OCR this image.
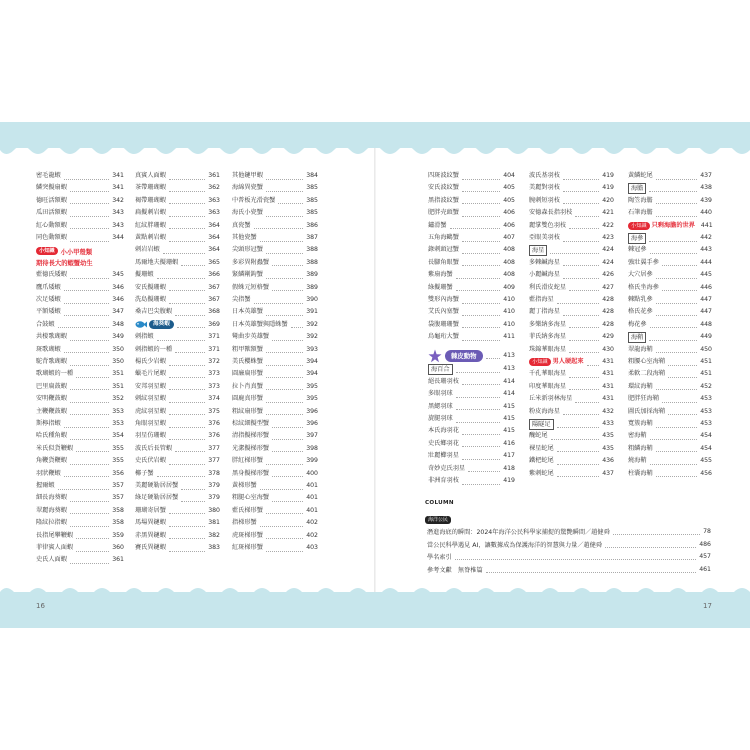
密毛龍蝦	341
鱗突擬扇蝦	341
德旺活額蝦	342
瓜田活額蝦	343
紅心動額蝦	343
同色動額蝦	344
小知識 小小甲殼類
期待長大的蝦蟹幼生
藍德氏矮蝦	345
鷹爪矮蝦	346
次足矮蝦	346
平額矮蝦	347
合鼓蝦	348
共棲歌瑚蝦	349
斑歌瑚蝦	350
駝背歌瑚蝦	350
歌瑚蝦的一種	351
巴里扁鼓蝦	351
安明鞭鼓蝦	352
主鞭鞭鼓蝦	353
斯檸指蝦	353
哈氏種角蝦	354
米氏似貨鞭蝦	355
角鞭貨鞭蝦	355
羽狀鞭蝦	356
握爾蝦	357
細長海葵蝦	357
翠麗海葵蝦	358
隆紋拉指蝦	358
長指尾攀鞭蝦	359
菲律賓人面蝦	360
史氏人面蝦	361
真賓人面蝦	361
茶帶珊瑚蝦	362
褐帶珊瑚蝦	363
扁擬刺岩蝦	363
紅紋胖珊蝦	364
黃點刺岩蝦	364
刺岩岩蝦	364
馬爾地夫擬珊蝦	365
擬珊蝦	366
安氏擬珊蝦	367
洗島擬珊蝦	367
桑吉巴尖腹蝦	368
海葵蝦	369
刺指蝦	371
刺指蝦的一種	371
楊氏少岩蝦	372
蠟毛片尾蝦	373
安邦羽星蝦	373
刺紋羽星蝦	374
虎紋羽星蝦	375
角眼羽星蝦	376
羽星仿珊蝦	376
波氏后長管蝦	377
史氏伏岩蝦	377
椰子蟹	378
美麗硬勒居居蟹	379
綠足硬勒居居蟹	379
珊瑚寄居蟹	380
馬場異鏈蝦	381
赤黑異鏈蝦	382
賽氏異鏈蝦	383
其他鏈甲蝦	384
海綿異瓷蟹	385
中普板光滑瓷蟹	385
海氏小瓷蟹	385
真瓷蟹	386
其他瓷蟹	387
尖頭形冠蟹	388
多彩異附蟲蟹	388
緊鱗剛鉤蟹	389
假蛛元短格蟹	389
尖指蟹	390
日本英雄蟹	391
日本英雄蟹與隱蛛蟹	392
彎曲步英雄蟹	392
粗甲獸額蟹	393
美氏櫻蛛蟹	394
圓廉扁形蟹	394
拉卜肖真蟹	395
圓鹿真形蟹	395
粗紋扇形蟹	396
棕紋細擬型蟹	396
清指擬梯形蟹	397
光潔擬梯形蟹	398
胖紅梯形蟹	399
黑身擬梯形蟹	400
黃梯形蟹	401
粗腿心室海蟹	401
藍氏梯形蟹	401
指梯形蟹	402
虎斑梯形蟹	402
紅斑梯形蟹	403
四斑波紋蟹	404
安氏波紋蟹	405
黑指波紋蟹	405
肥胖壳頭蟹	406
鏽滑蟹	406
五角海鷗蟹	407
錄刺頭冠蟹	408
長腳角眼蟹	408
紫扇海蟹	408
綠擬珊蟹	409
雙形內海蟹	410
艾氏內塞蟹	410
袋腹珊珊蟹	410
烏龜珩大蟹	411
棘皮動物	413
海百合	413
絕長珊羽枝	414
多眼羽球	414
黑鰓羽球	415
旋腿羽球	415
本氏海羽花	415
史氏鄉羽花	416
壯麗櫛羽星	417
奇妙克氏羽星	418
非洲育羽枝	419
波氏基羽枝	419
美麗對羽枝	419
腕刺短羽枝	420
安德森長指羽枝	421
麗掌雙色羽枝	422
亞眼美羽枝	423
海星	424
多棘鹹海星	424
小麗鹹海星	426
利氏滑皮蛇星	427
藍指海星	428
麗丁指海星	428
多樂納多海星	428
菲氏納多海星	429
珠錦華眼海星	430
小知識 男人硬起來	431
千孔華眼海星	431
印度華眼海星	431
丘米新羽林海星	431
粉皮海海星	432
陽隧足	433
醜蛇尾	435
裸星蛇尾	435
鐵杷蛇尾	436
紫刺蛇尾	437
黃鱗蛇尾	437
海膽	438
陶笠海膽	439
石筆海膽	440
小知識 只剩海膽的世界 441
海參	442
棘冠參	443
強壯翼手參	444
大穴居參	445
格氏坐海參	446
棘點乳參	447
格氏花參	447
梅花參	448
海鞘	449
翠龍海鞘	450
粗腰心室海鞘	451
柔軟二段海鞘	451
環紋海鞘	452
肥胖狂海鞘	453
圖氏加採海鞘	453
寬簇海鞘	453
密海鞘	454
粗鱗海鞘	454
燒海鞘	455
柱囊海鞘	456
COLUMN
海洋公民
潛進海底的瞬間：2024年海洋公民科學家捕捉的驚艷瞬間／趙健舜	78
當公民科學遇見 AI，讓數據成為保護海洋的智慧與力量／趙健舜	486
學名索引	457
參考文獻　無脊椎篇	461
16	17
